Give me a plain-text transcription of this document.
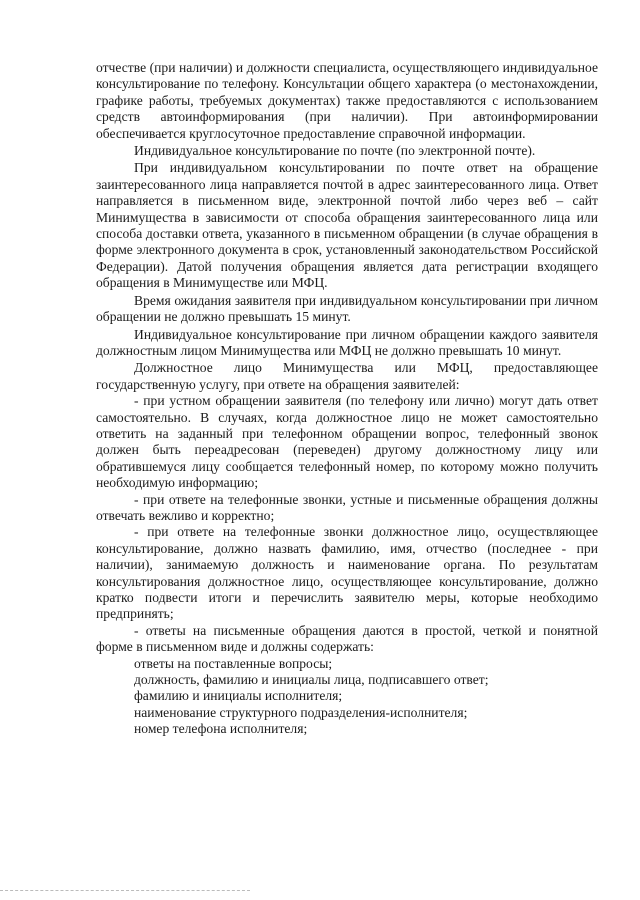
отчестве (при наличии) и должности специалиста, осуществляющего индивидуальное консультирование по телефону. Консультации общего характера (о местонахождении, графике работы, требуемых документах) также предоставляются с использованием средств автоинформирования (при наличии). При автоинформировании обеспечивается круглосуточное предоставление справочной информации.

Индивидуальное консультирование по почте (по электронной почте).

При индивидуальном консультировании по почте ответ на обращение заинтересованного лица направляется почтой в адрес заинтересованного лица. Ответ направляется в письменном виде, электронной почтой либо через веб – сайт Минимущества в зависимости от способа обращения заинтересованного лица или способа доставки ответа, указанного в письменном обращении (в случае обращения в форме электронного документа в срок, установленный законодательством Российской Федерации). Датой получения обращения является дата регистрации входящего обращения в Минимуществе или МФЦ.

Время ожидания заявителя при индивидуальном консультировании при личном обращении не должно превышать 15 минут.

Индивидуальное консультирование при личном обращении каждого заявителя должностным лицом Минимущества или МФЦ не должно превышать 10 минут.

Должностное лицо Минимущества или МФЦ, предоставляющее государственную услугу, при ответе на обращения заявителей:

- при устном обращении заявителя (по телефону или лично) могут дать ответ самостоятельно. В случаях, когда должностное лицо не может самостоятельно ответить на заданный при телефонном обращении вопрос, телефонный звонок должен быть переадресован (переведен) другому должностному лицу или обратившемуся лицу сообщается телефонный номер, по которому можно получить необходимую информацию;

- при ответе на телефонные звонки, устные и письменные обращения должны отвечать вежливо и корректно;

- при ответе на телефонные звонки должностное лицо, осуществляющее консультирование, должно назвать фамилию, имя, отчество (последнее - при наличии), занимаемую должность и наименование органа. По результатам консультирования должностное лицо, осуществляющее консультирование, должно кратко подвести итоги и перечислить заявителю меры, которые необходимо предпринять;

- ответы на письменные обращения даются в простой, четкой и понятной форме в письменном виде и должны содержать:

ответы на поставленные вопросы;

должность, фамилию и инициалы лица, подписавшего ответ;

фамилию и инициалы исполнителя;

наименование структурного подразделения-исполнителя;

номер телефона исполнителя;
